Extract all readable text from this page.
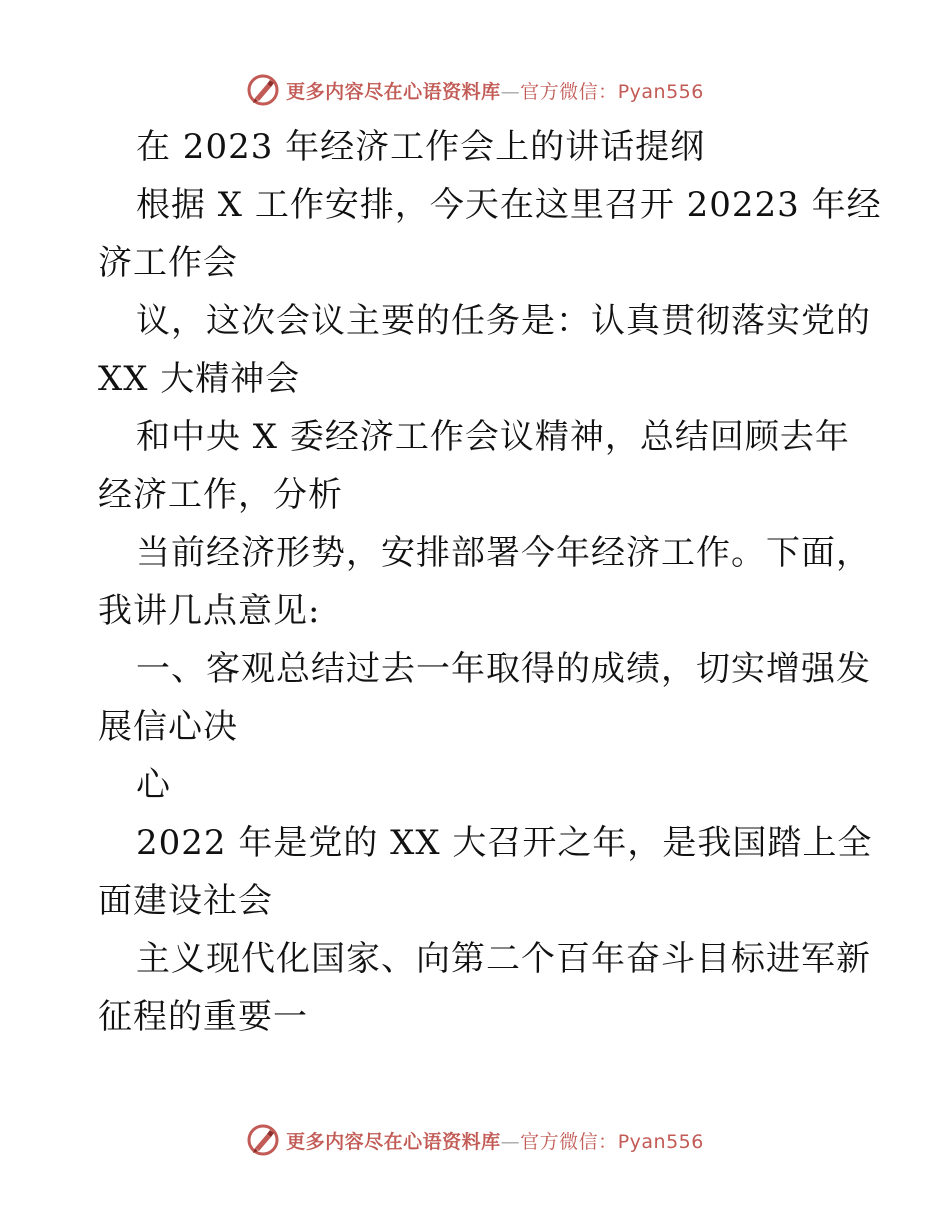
更多内容尽在心语资料库—官方微信：Pyan556
在 2023 年经济工作会上的讲话提纲
根据 X 工作安排，今天在这里召开 20223 年经
济工作会
议，这次会议主要的任务是：认真贯彻落实党的
XX 大精神会
和中央 X 委经济工作会议精神，总结回顾去年
经济工作，分析
当前经济形势，安排部署今年经济工作。下面，
我讲几点意见:
一、客观总结过去一年取得的成绩，切实增强发
展信心决
心
2022 年是党的 XX 大召开之年，是我国踏上全
面建设社会
主义现代化国家、向第二个百年奋斗目标进军新
征程的重要一
更多内容尽在心语资料库—官方微信：Pyan556
